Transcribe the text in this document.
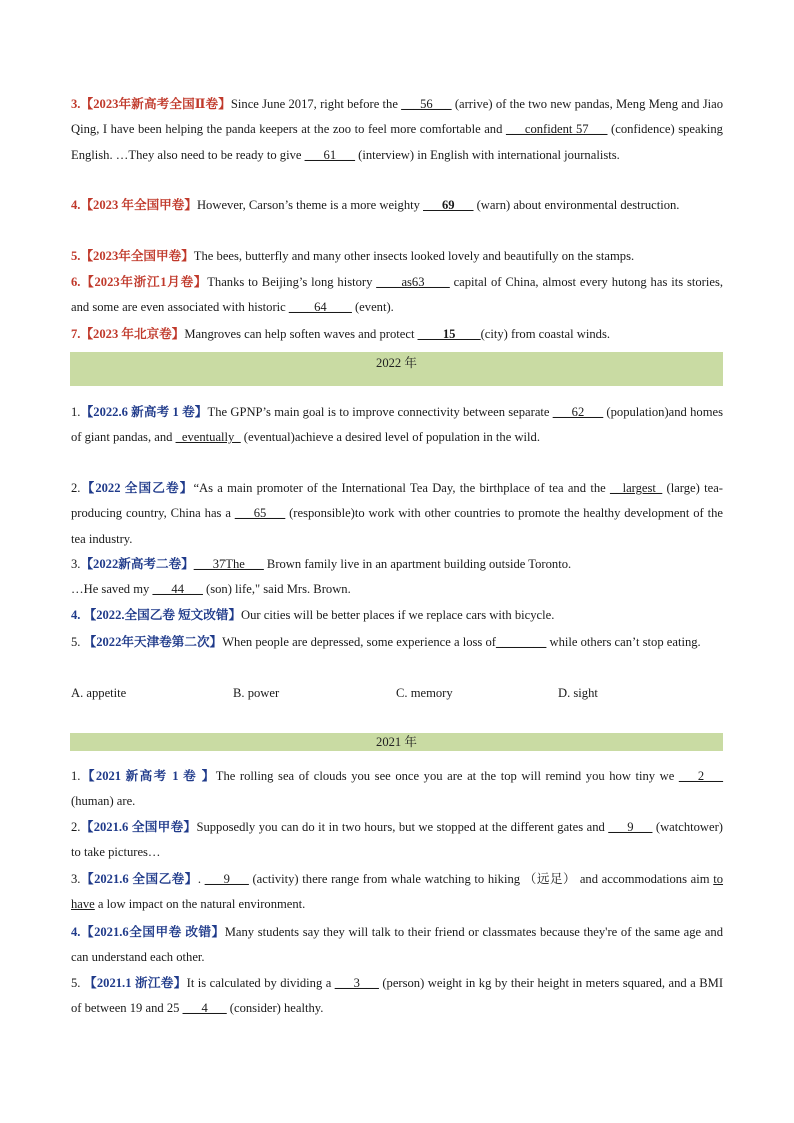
3.【2023年新高考全国Ⅱ卷】Since June 2017, right before the ___56___ (arrive) of the two new pandas, Meng Meng and Jiao Qing, I have been helping the panda keepers at the zoo to feel more comfortable and ___confident 57___ (confidence) speaking English. …They also need to be ready to give ___61___ (interview) in English with international journalists.
4.【2023 年全国甲卷】However, Carson’s theme is a more weighty ___69___ (warn) about environmental destruction.
5.【2023年全国甲卷】The bees, butterfly and many other insects looked lovely and beautifully on the stamps.
6.【2023年浙江1月卷】Thanks to Beijing’s long history ____as63____ capital of China, almost every hutong has its stories, and some are even associated with historic ____64____ (event).
7.【2023 年北京卷】Mangroves can help soften waves and protect ____15____(city) from coastal winds.
2022 年
1.【2022.6 新高考 1 卷】The GPNP’s main goal is to improve connectivity between separate ___62___ (population)and homes of giant pandas, and _eventually_ (eventual)achieve a desired level of population in the wild.
2.【2022 全国乙卷】“As a main promoter of the International Tea Day, the birthplace of tea and the __largest_ (large) tea-producing country, China has a ___65___ (responsible)to work with other countries to promote the healthy development of the tea industry.
3.【2022新高考二卷】___37The___ Brown family live in an apartment building outside Toronto.
…He saved my ___44___ (son) life," said Mrs. Brown.
4. 【2022.全国乙卷 短文改错】Our cities will be better places if we replace cars with bicycle.
5. 【2022年天津卷第二次】When people are depressed, some experience a loss of________ while others can’t stop eating.
A. appetite	B. power	C. memory	D. sight
2021 年
1.【2021 新高考 1 卷 】The rolling sea of clouds you see once you are at the top will remind you how tiny we ___2___ (human) are.
2.【2021.6 全国甲卷】Supposedly you can do it in two hours, but we stopped at the different gates and ___9___ (watchtower) to take pictures…
3.【2021.6 全国乙卷】. ___9___ (activity) there range from whale watching to hiking （远足） and accommodations aim to have a low impact on the natural environment.
4.【2021.6全国甲卷 改错】Many students say they will talk to their friend or classmates because they're of the same age and can understand each other.
5. 【2021.1 浙江卷】It is calculated by dividing a ___3___ (person) weight in kg by their height in meters squared, and a BMI of between 19 and 25 ___4___ (consider) healthy.
